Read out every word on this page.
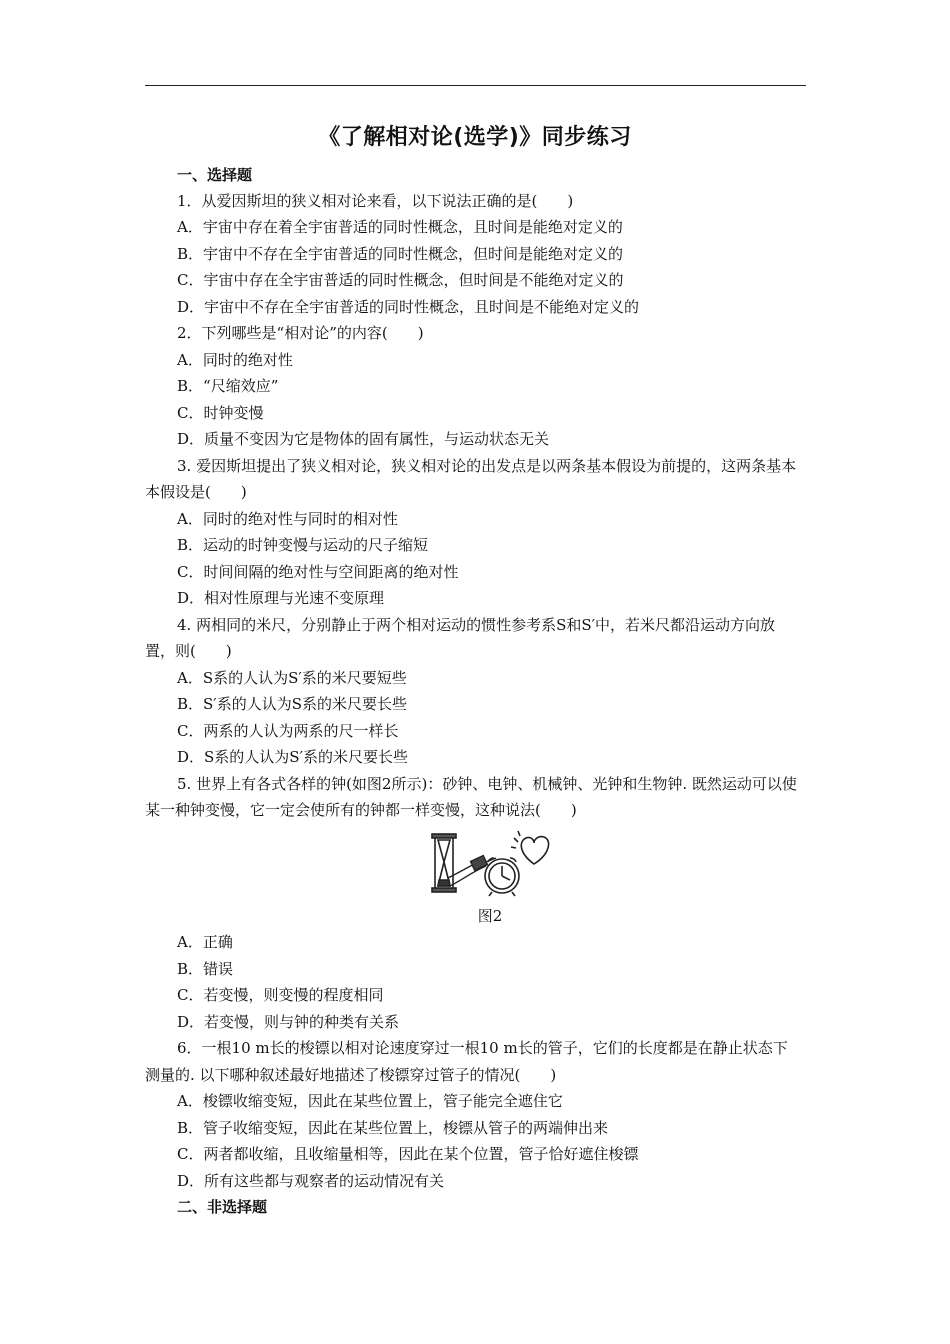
《了解相对论(选学)》同步练习
一、选择题
1．从爱因斯坦的狭义相对论来看，以下说法正确的是(　　)
A．宇宙中存在着全宇宙普适的同时性概念，且时间是能绝对定义的
B．宇宙中不存在全宇宙普适的同时性概念，但时间是能绝对定义的
C．宇宙中存在全宇宙普适的同时性概念，但时间是不能绝对定义的
D．宇宙中不存在全宇宙普适的同时性概念，且时间是不能绝对定义的
2．下列哪些是“相对论”的内容(　　)
A．同时的绝对性
B．“尺缩效应”
C．时钟变慢
D．质量不变因为它是物体的固有属性，与运动状态无关
3. 爱因斯坦提出了狭义相对论，狭义相对论的出发点是以两条基本假设为前提的，这两条基本
本假设是(　　)
A．同时的绝对性与同时的相对性
B．运动的时钟变慢与运动的尺子缩短
C．时间间隔的绝对性与空间距离的绝对性
D．相对性原理与光速不变原理
4. 两相同的米尺，分别静止于两个相对运动的惯性参考系S和S′中，若米尺都沿运动方向放
置，则(　　)
A．S系的人认为S′系的米尺要短些
B．S′系的人认为S系的米尺要长些
C．两系的人认为两系的尺一样长
D．S系的人认为S′系的米尺要长些
5. 世界上有各式各样的钟(如图2所示)：砂钟、电钟、机械钟、光钟和生物钟. 既然运动可以使
某一种钟变慢，它一定会使所有的钟都一样变慢，这种说法(　　)
图2
A．正确
B．错误
C．若变慢，则变慢的程度相同
D．若变慢，则与钟的种类有关系
6．一根10 m长的梭镖以相对论速度穿过一根10 m长的管子，它们的长度都是在静止状态下
测量的. 以下哪种叙述最好地描述了梭镖穿过管子的情况(　　)
A．梭镖收缩变短，因此在某些位置上，管子能完全遮住它
B．管子收缩变短，因此在某些位置上，梭镖从管子的两端伸出来
C．两者都收缩，且收缩量相等，因此在某个位置，管子恰好遮住梭镖
D．所有这些都与观察者的运动情况有关
二、非选择题
